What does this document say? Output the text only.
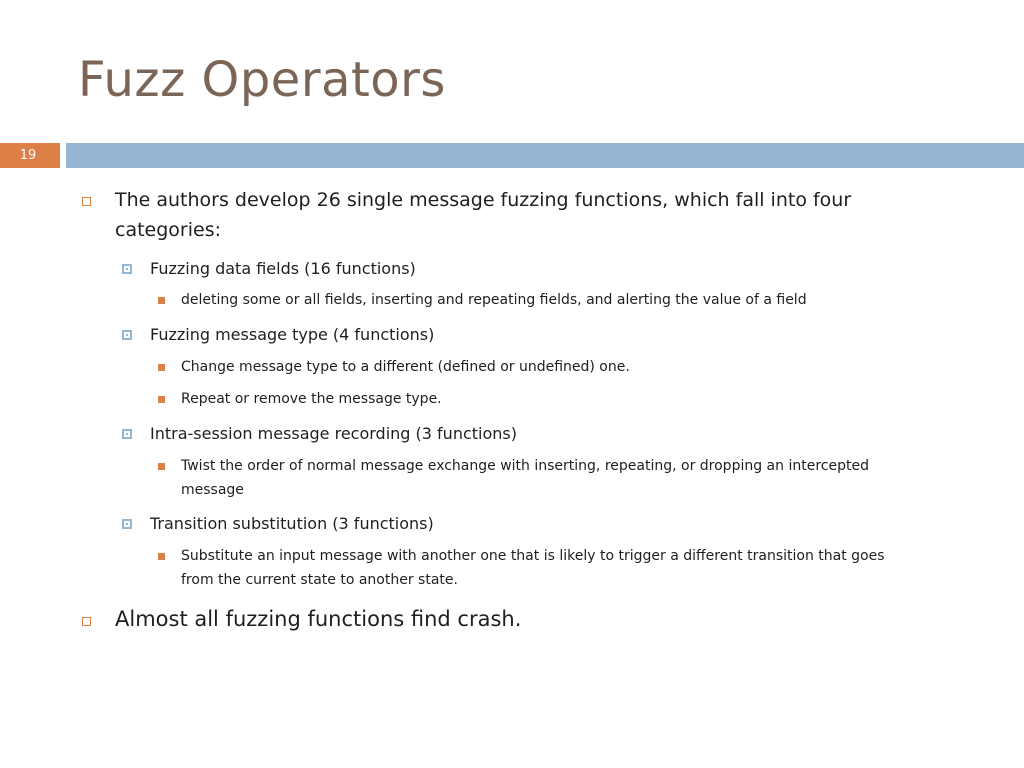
Fuzz Operators
19
The authors develop 26 single message fuzzing functions, which fall into four
categories:
Fuzzing data fields (16 functions)
deleting some or all fields, inserting and repeating fields, and alerting the value of a field
Fuzzing message type (4 functions)
Change message type to a different (defined or undefined) one.
Repeat or remove the message type.
Intra-session message recording (3 functions)
Twist the order of normal message exchange with inserting, repeating, or dropping an intercepted
message
Transition substitution (3 functions)
Substitute an input message with another one that is likely to trigger a different transition that goes
from the current state to another state.
Almost all fuzzing functions find crash.
